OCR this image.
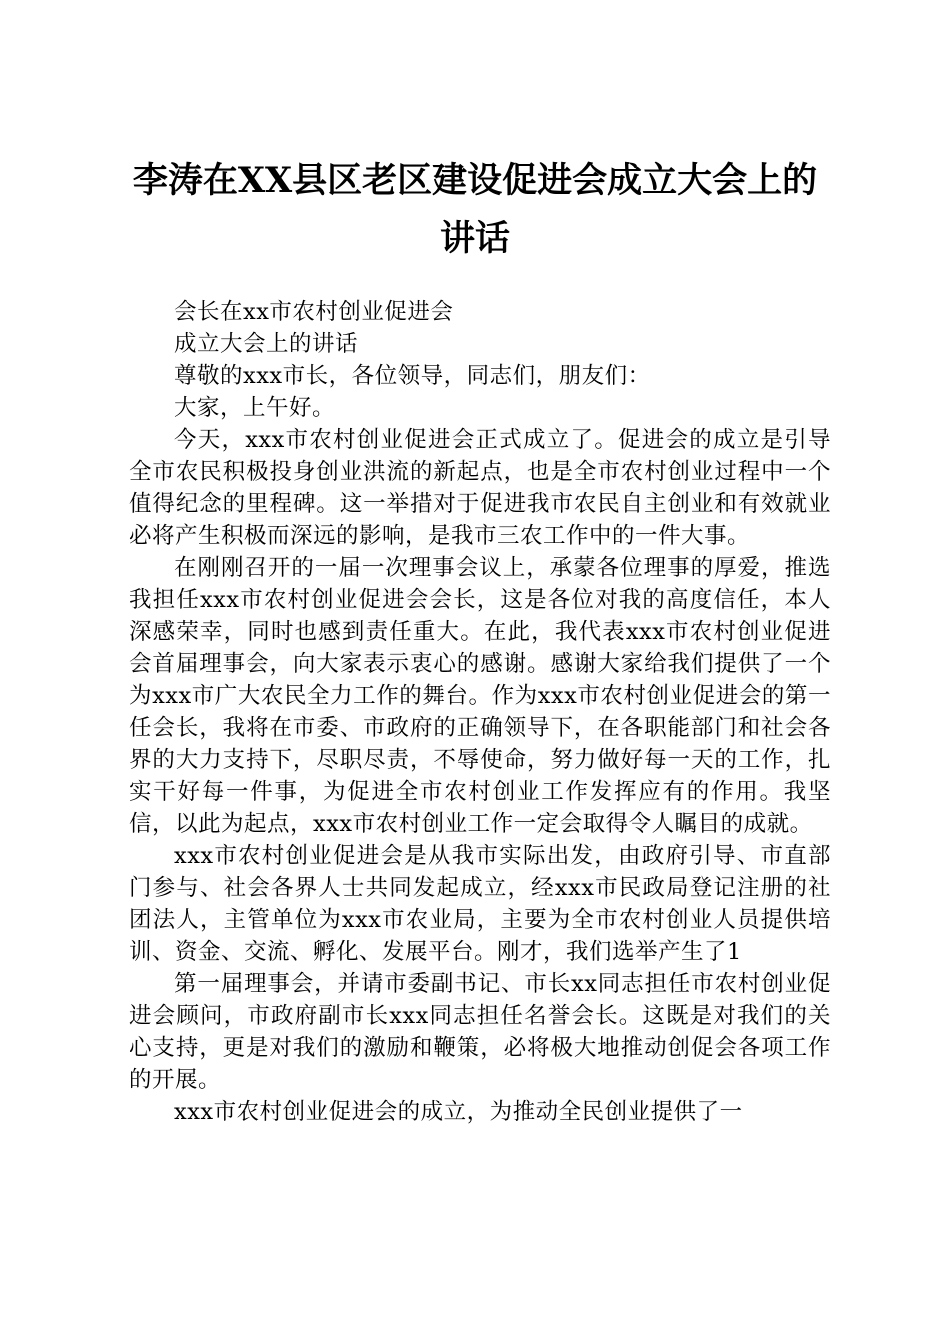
李涛在XX县区老区建设促进会成立大会上的讲话

会长在xx市农村创业促进会

成立大会上的讲话

尊敬的xxx市长，各位领导，同志们，朋友们：

大家，上午好。

今天，xxx市农村创业促进会正式成立了。促进会的成立是引导全市农民积极投身创业洪流的新起点，也是全市农村创业过程中一个值得纪念的里程碑。这一举措对于促进我市农民自主创业和有效就业必将产生积极而深远的影响，是我市三农工作中的一件大事。

在刚刚召开的一届一次理事会议上，承蒙各位理事的厚爱，推选我担任xxx市农村创业促进会会长，这是各位对我的高度信任，本人深感荣幸，同时也感到责任重大。在此，我代表xxx市农村创业促进会首届理事会，向大家表示衷心的感谢。感谢大家给我们提供了一个为xxx市广大农民全力工作的舞台。作为xxx市农村创业促进会的第一任会长，我将在市委、市政府的正确领导下，在各职能部门和社会各界的大力支持下，尽职尽责，不辱使命，努力做好每一天的工作，扎实干好每一件事，为促进全市农村创业工作发挥应有的作用。我坚信，以此为起点，xxx市农村创业工作一定会取得令人瞩目的成就。

xxx市农村创业促进会是从我市实际出发，由政府引导、市直部门参与、社会各界人士共同发起成立，经xxx市民政局登记注册的社团法人，主管单位为xxx市农业局，主要为全市农村创业人员提供培训、资金、交流、孵化、发展平台。刚才，我们选举产生了1

第一届理事会，并请市委副书记、市长xx同志担任市农村创业促进会顾问，市政府副市长xxx同志担任名誉会长。这既是对我们的关心支持，更是对我们的激励和鞭策，必将极大地推动创促会各项工作的开展。

xxx市农村创业促进会的成立，为推动全民创业提供了一
